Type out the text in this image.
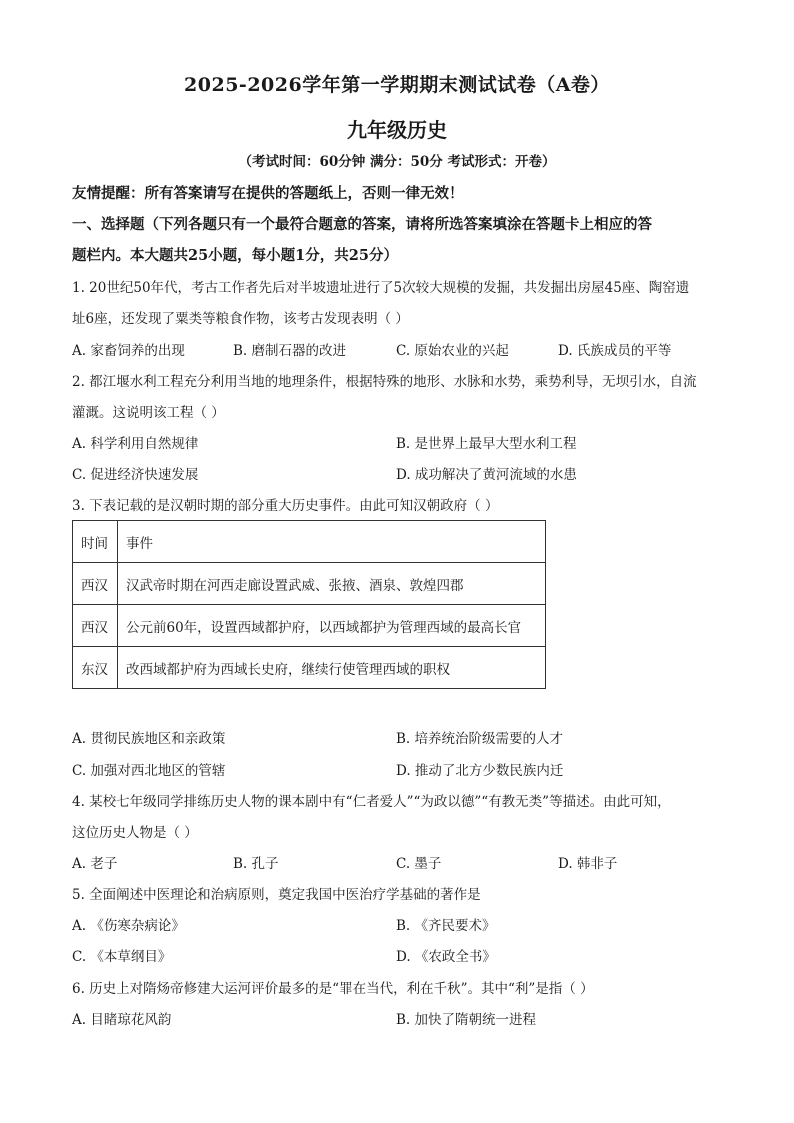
2025-2026学年第一学期期末测试试卷（A卷）
九年级历史
（考试时间：60分钟 满分：50分 考试形式：开卷）
友情提醒：所有答案请写在提供的答题纸上，否则一律无效！
一、选择题（下列各题只有一个最符合题意的答案，请将所选答案填涂在答题卡上相应的答
题栏内。本大题共25小题，每小题1分，共25分）
1. 20世纪50年代，考古工作者先后对半坡遗址进行了5次较大规模的发掘，共发掘出房屋45座、陶窑遗
址6座，还发现了粟类等粮食作物，该考古发现表明（ ）
A. 家畜饲养的出现	B. 磨制石器的改进	C. 原始农业的兴起	D. 氏族成员的平等
2. 都江堰水利工程充分利用当地的地理条件，根据特殊的地形、水脉和水势，乘势利导，无坝引水，自流
灌溉。这说明该工程（ ）
A. 科学利用自然规律	B. 是世界上最早大型水利工程
C. 促进经济快速发展	D. 成功解决了黄河流域的水患
3. 下表记载的是汉朝时期的部分重大历史事件。由此可知汉朝政府（ ）
时间	事件
西汉	汉武帝时期在河西走廊设置武威、张掖、酒泉、敦煌四郡
西汉	公元前60年，设置西域都护府，以西域都护为管理西域的最高长官
东汉	改西域都护府为西域长史府，继续行使管理西域的职权
A. 贯彻民族地区和亲政策	B. 培养统治阶级需要的人才
C. 加强对西北地区的管辖	D. 推动了北方少数民族内迁
4. 某校七年级同学排练历史人物的课本剧中有“仁者爱人”“为政以德”“有教无类”等描述。由此可知，
这位历史人物是（ ）
A. 老子	B. 孔子	C. 墨子	D. 韩非子
5. 全面阐述中医理论和治病原则，奠定我国中医治疗学基础的著作是
A. 《伤寒杂病论》	B. 《齐民要术》
C. 《本草纲目》	D. 《农政全书》
6. 历史上对隋炀帝修建大运河评价最多的是“罪在当代，利在千秋”。其中“利”是指（ ）
A. 目睹琼花风韵	B. 加快了隋朝统一进程
